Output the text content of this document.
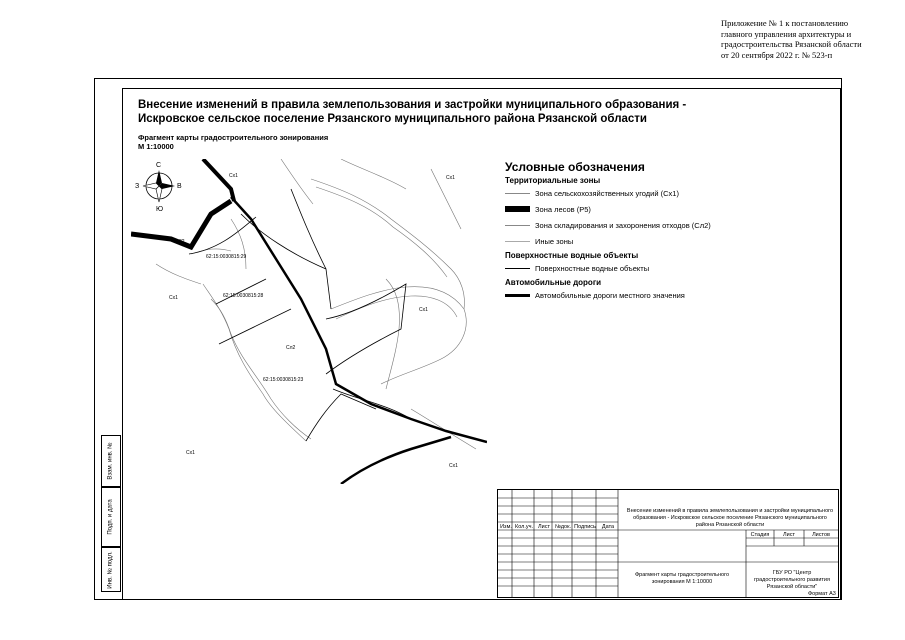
Приложение № 1 к постановлению
главного управления архитектуры и
градостроительства Рязанской области
от 20 сентября 2022 г. № 523-п
Внесение изменений в правила землепользования и застройки муниципального образования -
Искровское сельское поселение Рязанского муниципального района Рязанской области
Фрагмент карты градостроительного зонирования
М 1:10000
С
Ю
З	В
62:15:0030815:29
62:15:0030815:28
62:15:0030815:23
Сл2
Сх1
Сх1
Сх1
Сх1
Сх1
Сх1
22
Условные обозначения
Территориальные зоны
Зона сельскохозяйственных угодий (Сх1)
Зона лесов (Р5)
Зона складирования и захоронения отходов (Сл2)
Иные зоны
Поверхностные водные объекты
Поверхностные водные объекты
Автомобильные дороги
Автомобильные дороги местного значения
Взам. инв. №
Подп. и дата
Инв. № подл.
Изм. Кол.уч. Лист №док. Подпись	Дата
Внесение изменений в правила землепользования и застройки муниципального образования - Искровское сельское поселение Рязанского муниципального района Рязанской области
Стадия	Лист	Листов
Фрагмент карты градостроительного зонирования М 1:10000
ГБУ РО "Центр градостроительного развития Рязанской области"
Формат А3
